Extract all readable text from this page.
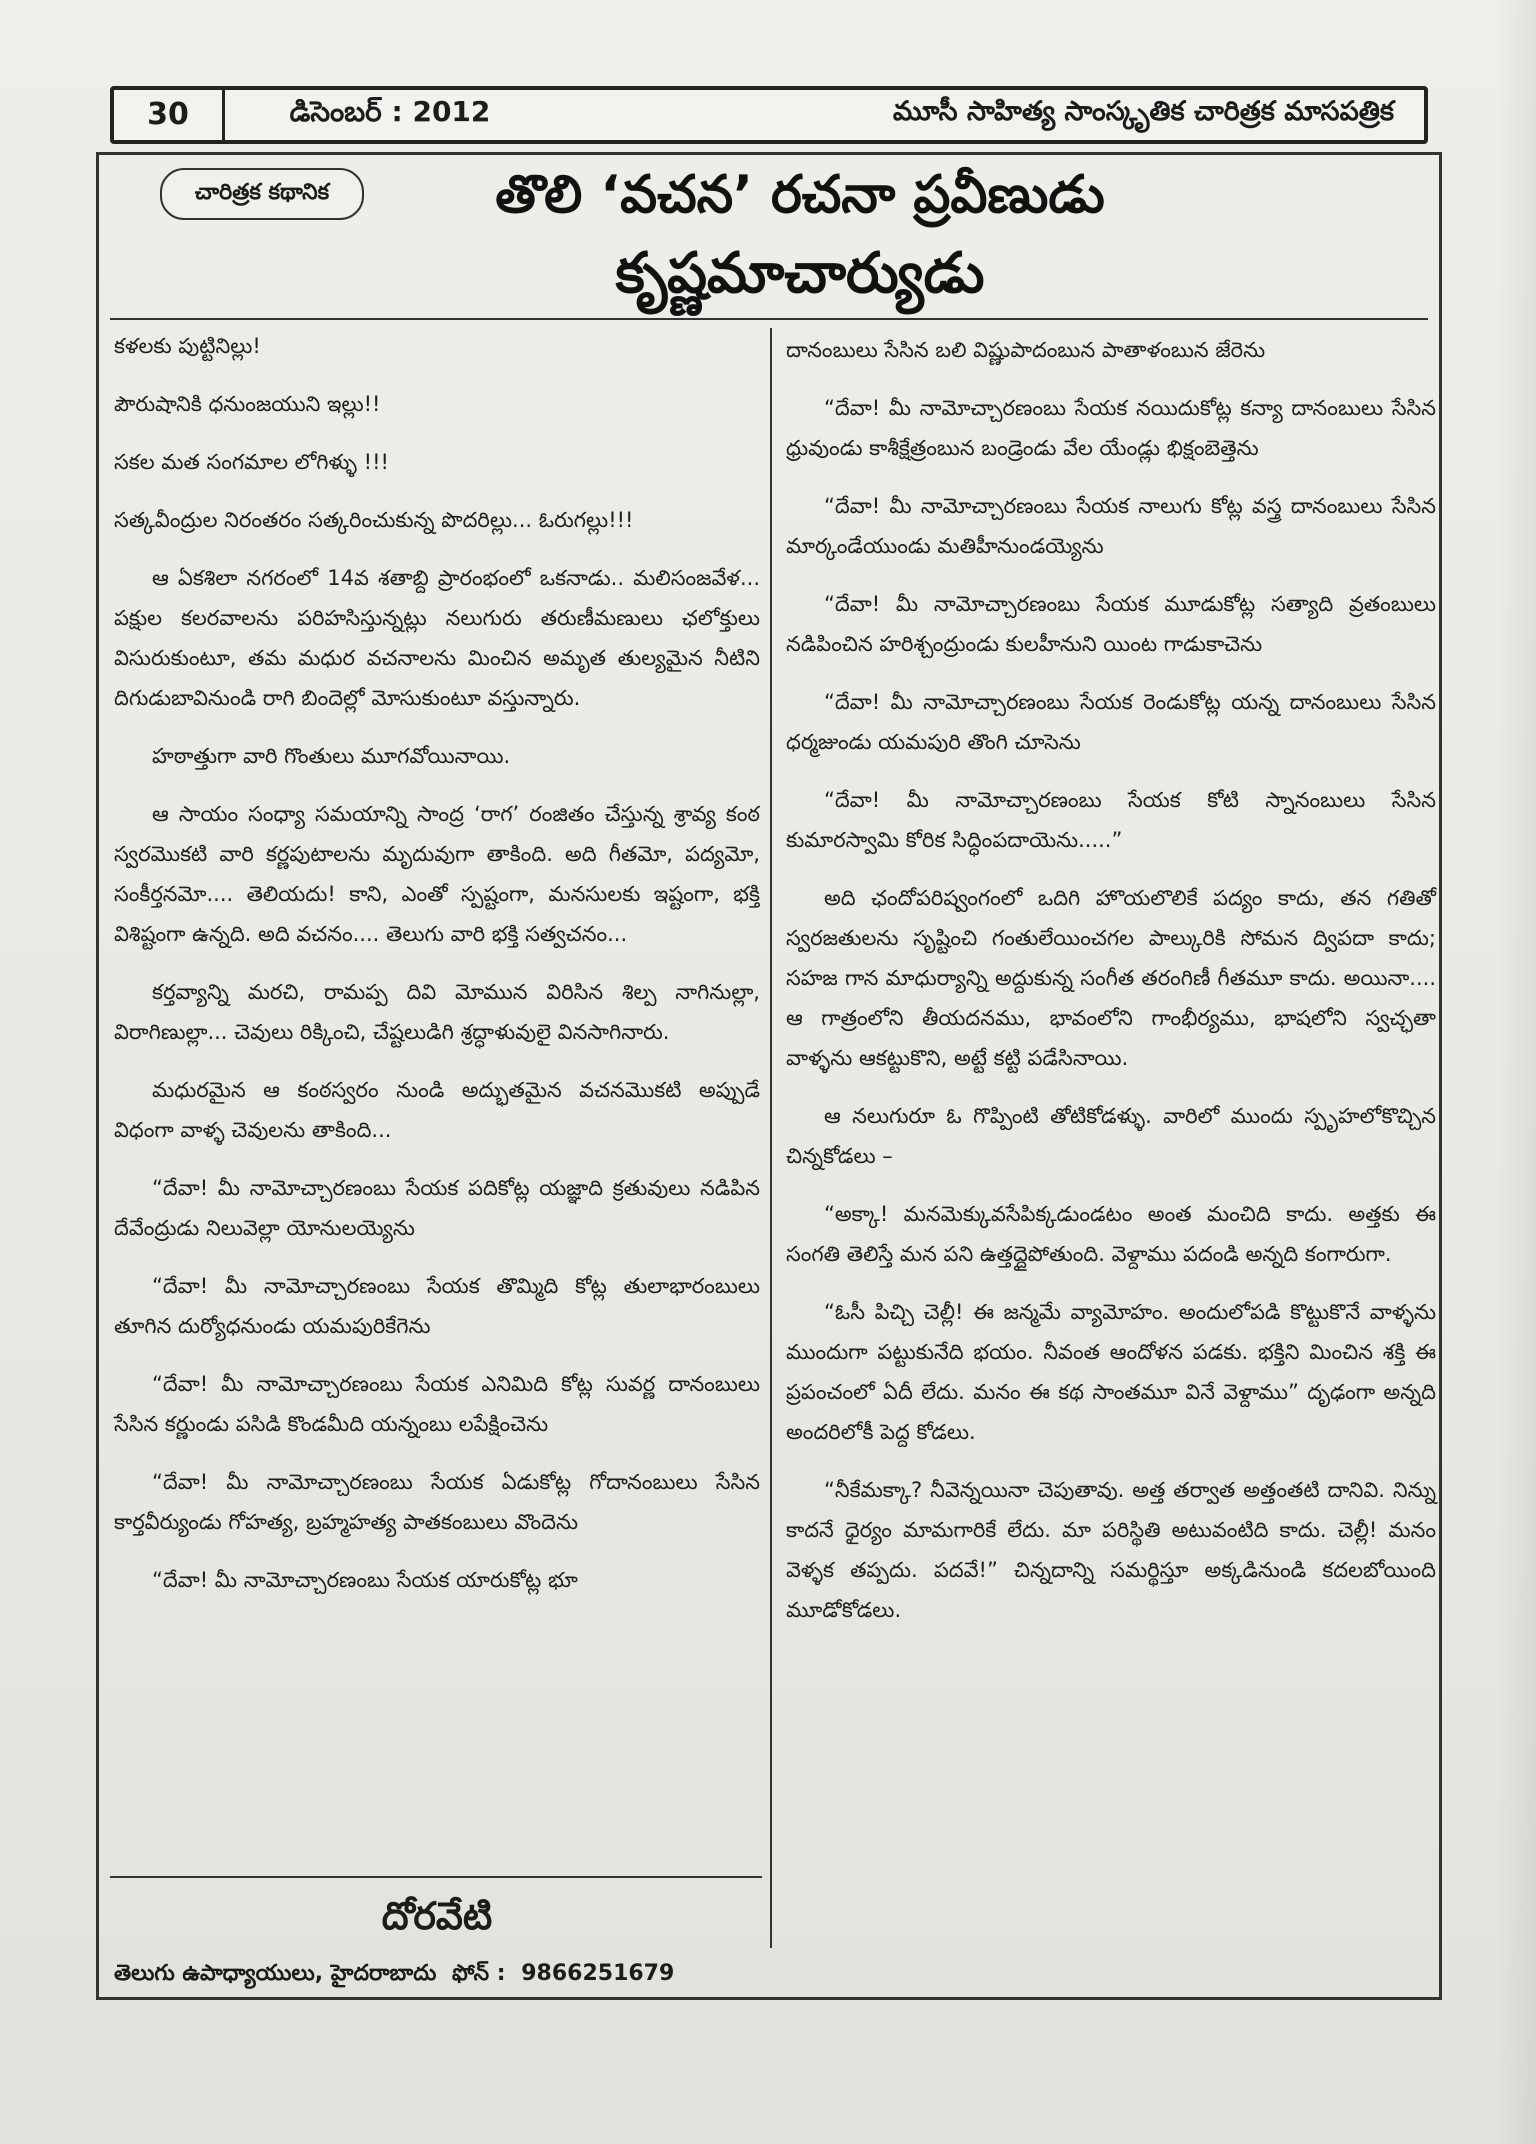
30	డిసెంబర్ : 2012	మూసీ సాహిత్య సాంస్కృతిక చారిత్రక మాసపత్రిక
చారిత్రక కథానిక	తొలి ‘వచన’ రచనా ప్రవీణుడు
కృష్ణమాచార్యుడు

కళలకు పుట్టినిల్లు!

పౌరుషానికి ధనుంజయుని ఇల్లు!!

సకల మత సంగమాల లోగిళ్ళు !!!

సత్కవీంద్రుల నిరంతరం సత్కరించుకున్న పొదరిల్లు... ఓరుగల్లు!!!

ఆ ఏకశిలా నగరంలో 14వ శతాబ్ది ప్రారంభంలో ఒకనాడు.. మలిసంజవేళ... పక్షుల కలరవాలను పరిహసిస్తున్నట్లు నలుగురు తరుణీమణులు ఛలోక్తులు విసురుకుంటూ, తమ మధుర వచనాలను మించిన అమృత తుల్యమైన నీటిని దిగుడుబావినుండి రాగి బిందెల్లో మోసుకుంటూ వస్తున్నారు.

హఠాత్తుగా వారి గొంతులు మూగవోయినాయి.

ఆ సాయం సంధ్యా సమయాన్ని సాంద్ర ‘రాగ’ రంజితం చేస్తున్న శ్రావ్య కంఠ స్వరమొకటి వారి కర్ణపుటాలను మృదువుగా తాకింది. అది గీతమో, పద్యమో, సంకీర్తనమో.... తెలియదు! కాని, ఎంతో స్పష్టంగా, మనసులకు ఇష్టంగా, భక్తి విశిష్టంగా ఉన్నది. అది వచనం.... తెలుగు వారి భక్తి సత్వచనం...

కర్తవ్యాన్ని మరచి, రామప్ప దివి మోమున విరిసిన శిల్ప నాగినుల్లా, విరాగిణుల్లా... చెవులు రిక్కించి, చేష్టలుడిగి శ్రద్ధాళువులై వినసాగినారు.

మధురమైన ఆ కంఠస్వరం నుండి అద్భుతమైన వచనమొకటి అప్పుడే విధంగా వాళ్ళ చెవులను తాకింది...

“దేవా! మీ నామోచ్చారణంబు సేయక పదికోట్ల యజ్ఞాది క్రతువులు నడిపిన దేవేంద్రుడు నిలువెల్లా యోనులయ్యెను

“దేవా! మీ నామోచ్చారణంబు సేయక తొమ్మిది కోట్ల తులాభారంబులు తూగిన దుర్యోధనుండు యమపురికేగెను

“దేవా! మీ నామోచ్చారణంబు సేయక ఎనిమిది కోట్ల సువర్ణ దానంబులు సేసిన కర్ణుండు పసిడి కొండమీది యన్నంబు లపేక్షించెను

“దేవా! మీ నామోచ్చారణంబు సేయక ఏడుకోట్ల గోదానంబులు సేసిన కార్తవీర్యుండు గోహత్య, బ్రహ్మహత్య పాతకంబులు వొందెను

“దేవా! మీ నామోచ్చారణంబు సేయక యారుకోట్ల భూ

దానంబులు సేసిన బలి విష్ణుపాదంబున పాతాళంబున జేరెను

“దేవా! మీ నామోచ్చారణంబు సేయక నయిదుకోట్ల కన్యా దానంబులు సేసిన ధ్రువుండు కాశీక్షేత్రంబున బండ్రెండు వేల యేండ్లు భిక్షంబెత్తెను

“దేవా! మీ నామోచ్చారణంబు సేయక నాలుగు కోట్ల వస్త్ర దానంబులు సేసిన మార్కండేయుండు మతిహీనుండయ్యెను

“దేవా! మీ నామోచ్చారణంబు సేయక మూడుకోట్ల సత్యాది వ్రతంబులు నడిపించిన హరిశ్చంద్రుండు కులహీనుని యింట గాడుకాచెను

“దేవా! మీ నామోచ్చారణంబు సేయక రెండుకోట్ల యన్న దానంబులు సేసిన ధర్మజుండు యమపురి తొంగి చూసెను

“దేవా! మీ నామోచ్చారణంబు సేయక కోటి స్నానంబులు సేసిన కుమారస్వామి కోరిక సిద్ధింపదాయెను.....”

అది ఛందోపరిష్వంగంలో ఒదిగి హొయలొలికే పద్యం కాదు, తన గతితో స్వరజతులను సృష్టించి గంతులేయించగల పాల్కురికి సోమన ద్విపదా కాదు; సహజ గాన మాధుర్యాన్ని అద్దుకున్న సంగీత తరంగిణీ గీతమూ కాదు. అయినా.... ఆ గాత్రంలోని తీయదనము, భావంలోని గాంభీర్యము, భాషలోని స్వచ్ఛతా వాళ్ళను ఆకట్టుకొని, అట్టే కట్టి పడేసినాయి.

ఆ నలుగురూ ఓ గొప్పింటి తోటికోడళ్ళు. వారిలో ముందు స్పృహలోకొచ్చిన చిన్నకోడలు –

“అక్కా! మనమెక్కువసేపిక్కడుండటం అంత మంచిది కాదు. అత్తకు ఈ సంగతి తెలిస్తే మన పని ఉత్తద్దైపోతుంది. వెళ్దాము పదండి అన్నది కంగారుగా.

“ఓసీ పిచ్చి చెల్లీ! ఈ జన్మమే వ్యామోహం. అందులోపడి కొట్టుకొనే వాళ్ళను ముందుగా పట్టుకునేది భయం. నీవంత ఆందోళన పడకు. భక్తిని మించిన శక్తి ఈ ప్రపంచంలో ఏదీ లేదు. మనం ఈ కథ సాంతమూ వినే వెళ్దాము” దృఢంగా అన్నది అందరిలోకీ పెద్ద కోడలు.

“నీకేమక్కా? నీవెన్నయినా చెపుతావు. అత్త తర్వాత అత్తంతటి దానివి. నిన్ను కాదనే ధైర్యం మామగారికే లేదు. మా పరిస్థితి అటువంటిది కాదు. చెల్లీ! మనం వెళ్ళక తప్పదు. పదవే!” చిన్నదాన్ని సమర్థిస్తూ అక్కడినుండి కదలబోయింది మూడోకోడలు.

దోరవేటి
తెలుగు ఉపాధ్యాయులు, హైదరాబాదు ఫోన్ : 9866251679
